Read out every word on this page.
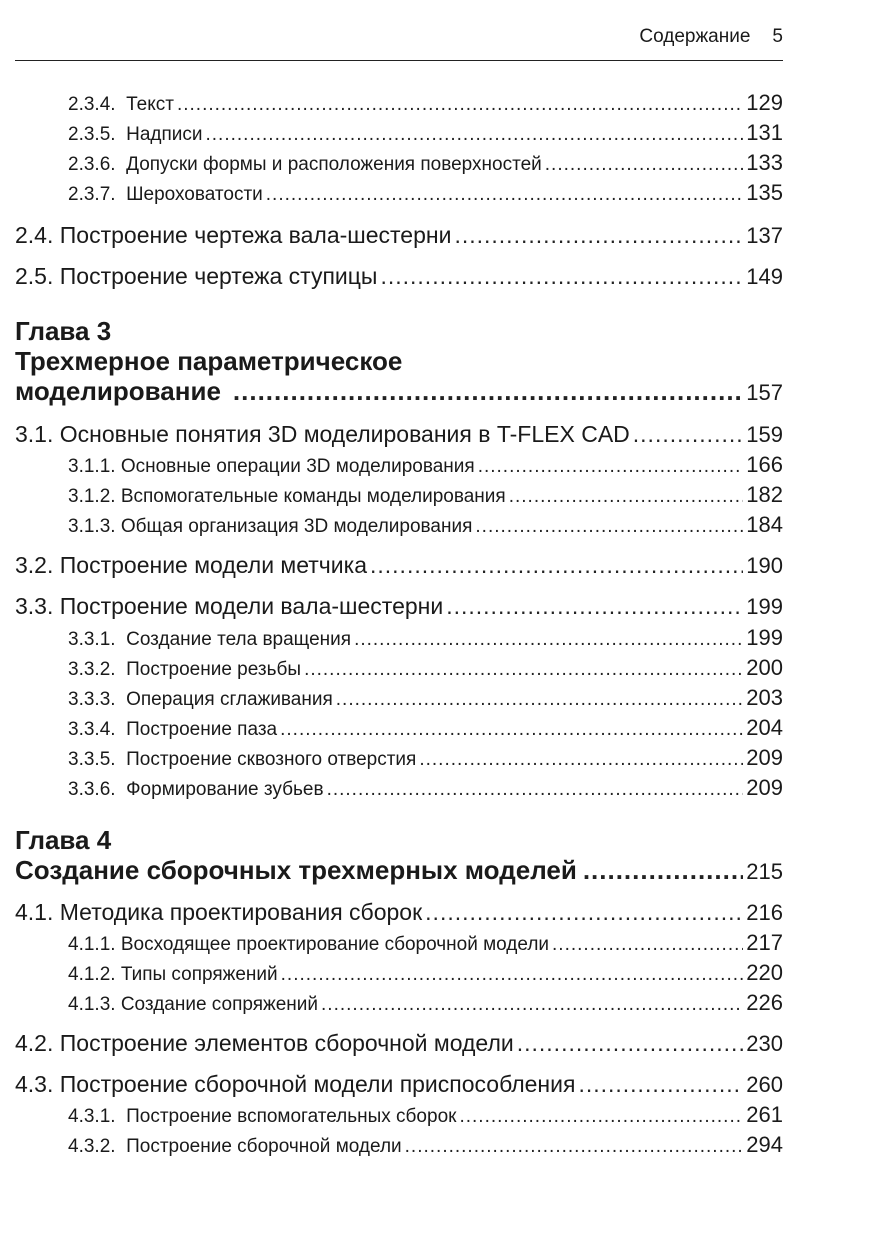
Содержание 5
2.3.4. Текст .....	129
2.3.5. Надписи .....	131
2.3.6. Допуски формы и расположения поверхностей .....	133
2.3.7. Шероховатости .....	135
2.4. Построение чертежа вала-шестерни .....	137
2.5. Построение чертежа ступицы .....	149
Глава 3
Трехмерное параметрическое
моделирование .....	157
3.1. Основные понятия 3D моделирования в T-FLEX CAD .....	159
3.1.1. Основные операции 3D моделирования .....	166
3.1.2. Вспомогательные команды моделирования .....	182
3.1.3. Общая организация 3D моделирования .....	184
3.2. Построение модели метчика .....	190
3.3. Построение модели вала-шестерни .....	199
3.3.1. Создание тела вращения .....	199
3.3.2. Построение резьбы .....	200
3.3.3. Операция сглаживания .....	203
3.3.4. Построение паза .....	204
3.3.5. Построение сквозного отверстия .....	209
3.3.6. Формирование зубьев .....	209
Глава 4
Создание сборочных трехмерных моделей .....	215
4.1. Методика проектирования сборок .....	216
4.1.1. Восходящее проектирование сборочной модели .....	217
4.1.2. Типы сопряжений .....	220
4.1.3. Создание сопряжений .....	226
4.2. Построение элементов сборочной модели .....	230
4.3. Построение сборочной модели приспособления .....	260
4.3.1. Построение вспомогательных сборок .....	261
4.3.2. Построение сборочной модели .....	294
